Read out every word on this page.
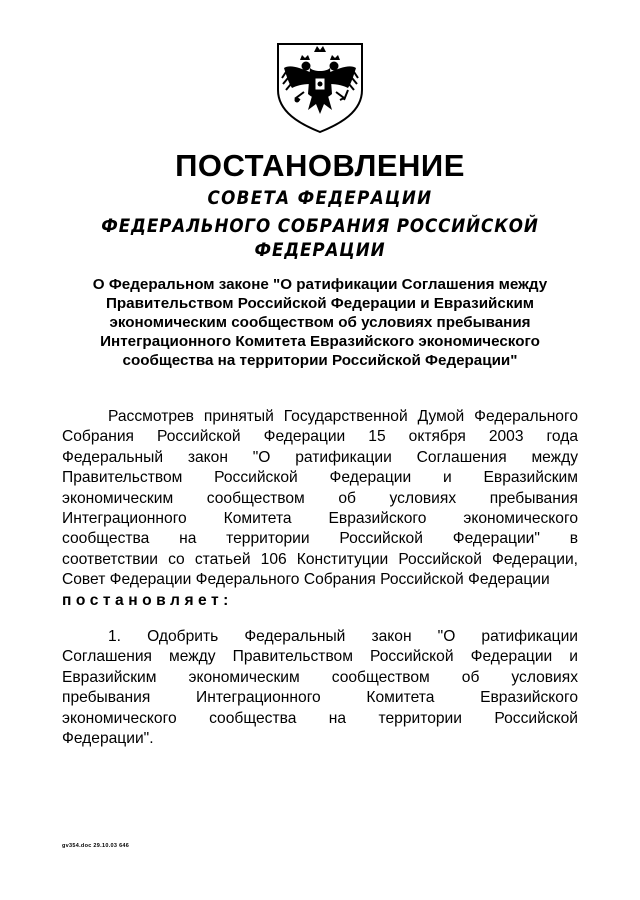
ПОСТАНОВЛЕНИЕ
СОВЕТА ФЕДЕРАЦИИ
ФЕДЕРАЛЬНОГО СОБРАНИЯ РОССИЙСКОЙ ФЕДЕРАЦИИ
О Федеральном законе "О ратификации Соглашения между
Правительством Российской Федерации и Евразийским
экономическим сообществом об условиях пребывания
Интеграционного Комитета Евразийского экономического
сообщества на территории Российской Федерации"
Рассмотрев принятый Государственной Думой Федерального
Собрания Российской Федерации 15 октября 2003 года
Федеральный закон "О ратификации Соглашения между
Правительством Российской Федерации и Евразийским
экономическим сообществом об условиях пребывания
Интеграционного Комитета Евразийского экономического
сообщества на территории Российской Федерации" в
соответствии со статьей 106 Конституции Российской Федерации,
Совет Федерации Федерального Собрания Российской Федерации
постановляет:
1. Одобрить Федеральный закон "О ратификации
Соглашения между Правительством Российской Федерации и
Евразийским экономическим сообществом об условиях
пребывания Интеграционного Комитета Евразийского
экономического сообщества на территории Российской
Федерации".
gv354.doc 29.10.03 646
